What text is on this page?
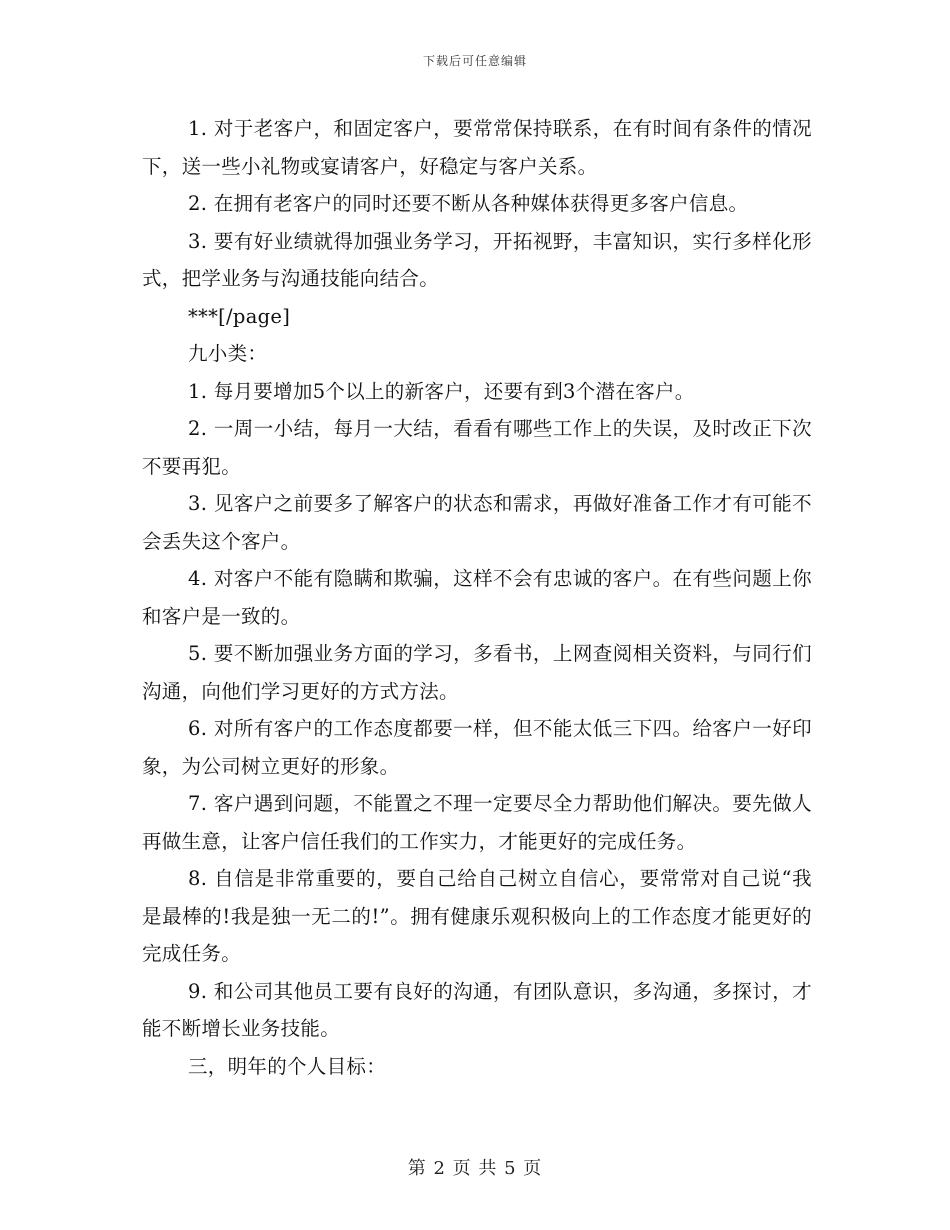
下载后可任意编辑

1. 对于老客户，和固定客户，要常常保持联系，在有时间有条件的情况下，送一些小礼物或宴请客户，好稳定与客户关系。

2. 在拥有老客户的同时还要不断从各种媒体获得更多客户信息。

3. 要有好业绩就得加强业务学习，开拓视野，丰富知识，实行多样化形式，把学业务与沟通技能向结合。

***[/page]

九小类：

1. 每月要增加5个以上的新客户，还要有到3个潜在客户。

2. 一周一小结，每月一大结，看看有哪些工作上的失误，及时改正下次不要再犯。

3. 见客户之前要多了解客户的状态和需求，再做好准备工作才有可能不会丢失这个客户。

4. 对客户不能有隐瞒和欺骗，这样不会有忠诚的客户。在有些问题上你和客户是一致的。

5. 要不断加强业务方面的学习，多看书，上网查阅相关资料，与同行们沟通，向他们学习更好的方式方法。

6. 对所有客户的工作态度都要一样，但不能太低三下四。给客户一好印象，为公司树立更好的形象。

7. 客户遇到问题，不能置之不理一定要尽全力帮助他们解决。要先做人再做生意，让客户信任我们的工作实力，才能更好的完成任务。

8. 自信是非常重要的，要自己给自己树立自信心，要常常对自己说“我是最棒的!我是独一无二的!”。拥有健康乐观积极向上的工作态度才能更好的完成任务。

9. 和公司其他员工要有良好的沟通，有团队意识，多沟通，多探讨，才能不断增长业务技能。

三，明年的个人目标：

第 2 页 共 5 页
